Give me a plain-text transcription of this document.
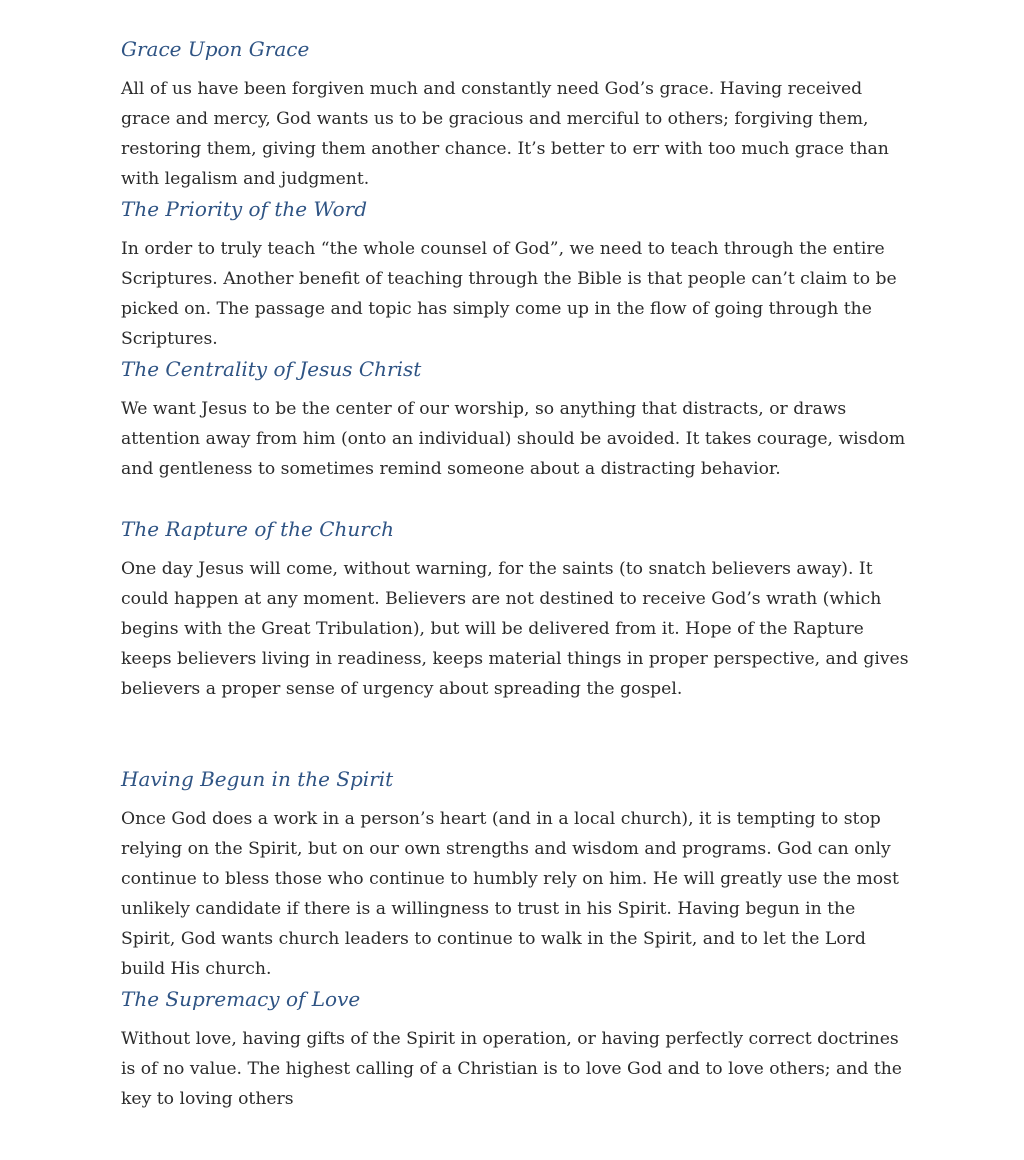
Grace Upon Grace

All of us have been forgiven much and constantly need God’s grace. Having received grace and mercy, God wants us to be gracious and merciful to others; forgiving them, restoring them, giving them another chance. It’s better to err with too much grace than with legalism and judgment.

The Priority of the Word

In order to truly teach “the whole counsel of God”, we need to teach through the entire Scriptures. Another benefit of teaching through the Bible is that people can’t claim to be picked on. The passage and topic has simply come up in the flow of going through the Scriptures.

The Centrality of Jesus Christ

We want Jesus to be the center of our worship, so anything that distracts, or draws attention away from him (onto an individual) should be avoided. It takes courage, wisdom and gentleness to sometimes remind someone about a distracting behavior.

The Rapture of the Church

One day Jesus will come, without warning, for the saints (to snatch believers away). It could happen at any moment. Believers are not destined to receive God’s wrath (which begins with the Great Tribulation), but will be delivered from it. Hope of the Rapture keeps believers living in readiness, keeps material things in proper perspective, and gives believers a proper sense of urgency about spreading the gospel.

Having Begun in the Spirit

Once God does a work in a person’s heart (and in a local church), it is tempting to stop relying on the Spirit, but on our own strengths and wisdom and programs. God can only continue to bless those who continue to humbly rely on him. He will greatly use the most unlikely candidate if there is a willingness to trust in his Spirit. Having begun in the Spirit, God wants church leaders to continue to walk in the Spirit, and to let the Lord build His church.

The Supremacy of Love

Without love, having gifts of the Spirit in operation, or having perfectly correct doctrines is of no value. The highest calling of a Christian is to love God and to love others; and the key to loving others
